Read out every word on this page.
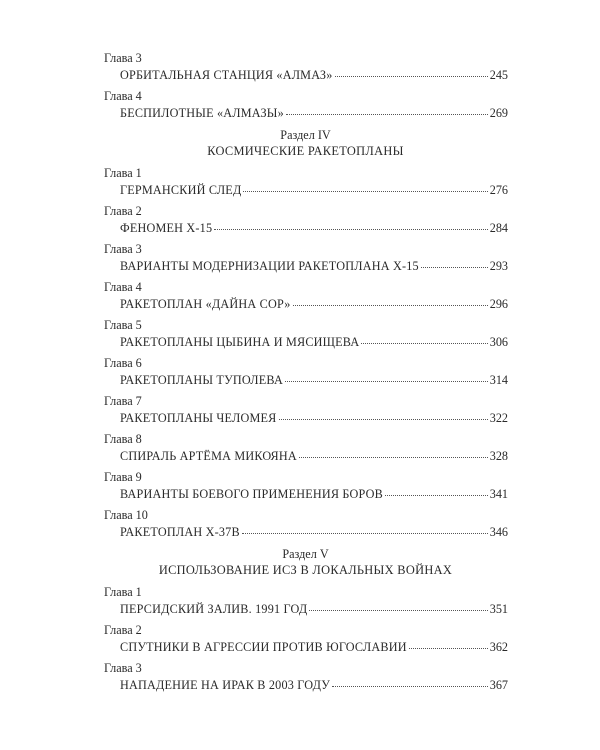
Глава 3
ОРБИТАЛЬНАЯ СТАНЦИЯ «АЛМАЗ»	245
Глава 4
БЕСПИЛОТНЫЕ «АЛМАЗЫ»	269
Раздел IV
КОСМИЧЕСКИЕ РАКЕТОПЛАНЫ
Глава 1
ГЕРМАНСКИЙ СЛЕД	276
Глава 2
ФЕНОМЕН Х-15	284
Глава 3
ВАРИАНТЫ МОДЕРНИЗАЦИИ РАКЕТОПЛАНА Х-15	293
Глава 4
РАКЕТОПЛАН «ДАЙНА СОР»	296
Глава 5
РАКЕТОПЛАНЫ ЦЫБИНА И МЯСИЩЕВА	306
Глава 6
РАКЕТОПЛАНЫ ТУПОЛЕВА	314
Глава 7
РАКЕТОПЛАНЫ ЧЕЛОМЕЯ	322
Глава 8
СПИРАЛЬ АРТЁМА МИКОЯНА	328
Глава 9
ВАРИАНТЫ БОЕВОГО ПРИМЕНЕНИЯ БОРОВ	341
Глава 10
РАКЕТОПЛАН Х-37В	346
Раздел V
ИСПОЛЬЗОВАНИЕ ИСЗ В ЛОКАЛЬНЫХ ВОЙНАХ
Глава 1
ПЕРСИДСКИЙ ЗАЛИВ. 1991 ГОД	351
Глава 2
СПУТНИКИ В АГРЕССИИ ПРОТИВ ЮГОСЛАВИИ	362
Глава 3
НАПАДЕНИЕ НА ИРАК В 2003 ГОДУ	367
